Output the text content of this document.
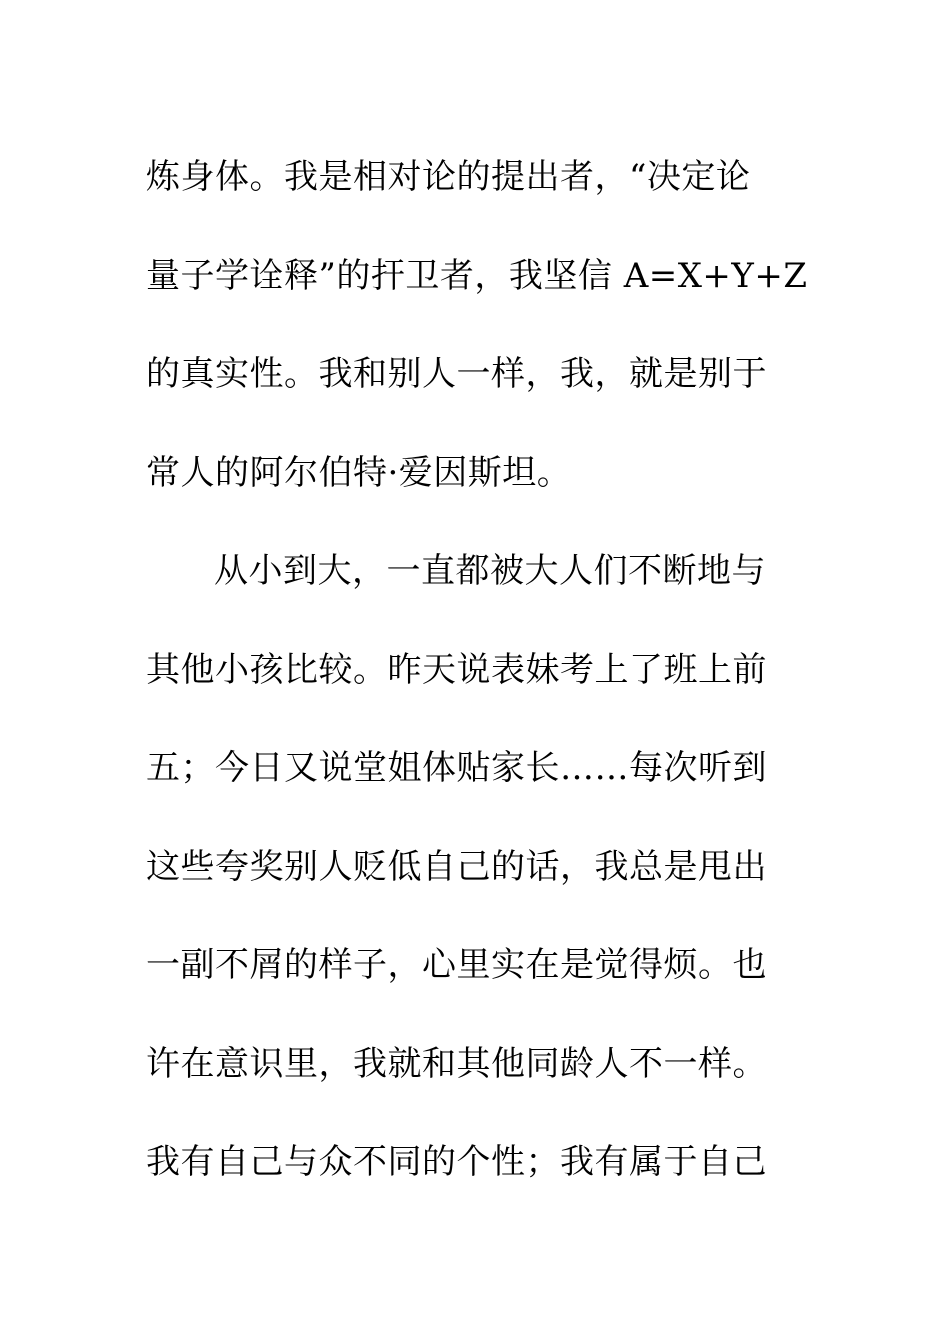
炼身体。我是相对论的提出者，“决定论
量子学诠释”的扞卫者，我坚信 A=X+Y+Z
的真实性。我和别人一样，我，就是别于
常人的阿尔伯特·爱因斯坦。
从小到大，一直都被大人们不断地与
其他小孩比较。昨天说表妹考上了班上前
五；今日又说堂姐体贴家长……每次听到
这些夸奖别人贬低自己的话，我总是甩出
一副不屑的样子，心里实在是觉得烦。也
许在意识里，我就和其他同龄人不一样。
我有自己与众不同的个性；我有属于自己
